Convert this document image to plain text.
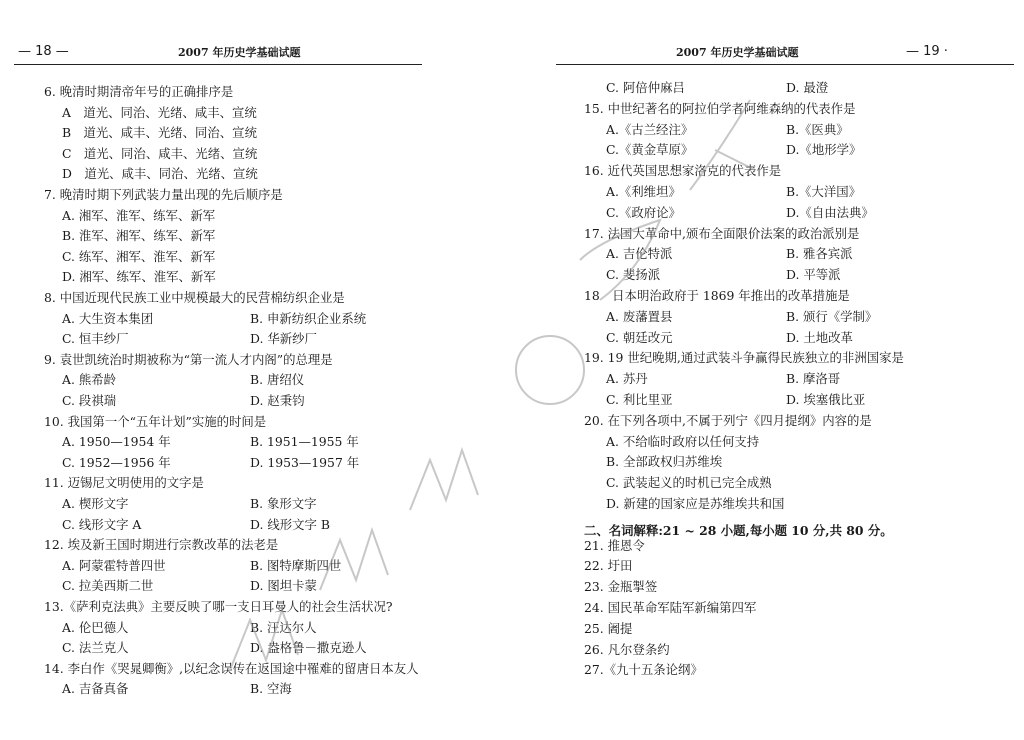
— 18 —	2007 年历史学基础试题
6. 晚清时期清帝年号的正确排序是
A　道光、同治、光绪、咸丰、宣统
B　道光、咸丰、光绪、同治、宣统
C　道光、同治、咸丰、光绪、宣统
D　道光、咸丰、同治、光绪、宣统
7. 晚清时期下列武装力量出现的先后顺序是
A. 湘军、淮军、练军、新军
B. 淮军、湘军、练军、新军
C. 练军、湘军、淮军、新军
D. 湘军、练军、淮军、新军
8. 中国近现代民族工业中规模最大的民营棉纺织企业是
A. 大生资本集团	B. 申新纺织企业系统
C. 恒丰纱厂	D. 华新纱厂
9. 袁世凯统治时期被称为“第一流人才内阁”的总理是
A. 熊希龄	B. 唐绍仪
C. 段祺瑞	D. 赵秉钧
10. 我国第一个“五年计划”实施的时间是
A. 1950—1954 年	B. 1951—1955 年
C. 1952—1956 年	D. 1953—1957 年
11. 迈锡尼文明使用的文字是
A. 楔形文字	B. 象形文字
C. 线形文字 A	D. 线形文字 B
12. 埃及新王国时期进行宗教改革的法老是
A. 阿蒙霍特普四世	B. 图特摩斯四世
C. 拉美西斯二世	D. 图坦卡蒙
13.《萨利克法典》主要反映了哪一支日耳曼人的社会生活状况?
A. 伦巴德人	B. 汪达尔人
C. 法兰克人	D. 盎格鲁－撒克逊人
14. 李白作《哭晁卿衡》,以纪念误传在返国途中罹难的留唐日本友人
A. 吉备真备	B. 空海
2007 年历史学基础试题	— 19 ·
C. 阿倍仲麻吕	D. 最澄
15. 中世纪著名的阿拉伯学者阿维森纳的代表作是
A.《古兰经注》	B.《医典》
C.《黄金草原》	D.《地形学》
16. 近代英国思想家洛克的代表作是
A.《利维坦》	B.《大洋国》
C.《政府论》	D.《自由法典》
17. 法国大革命中,颁布全面限价法案的政治派别是
A. 吉伦特派	B. 雅各宾派
C. 斐扬派	D. 平等派
18　日本明治政府于 1869 年推出的改革措施是
A. 废藩置县	B. 颁行《学制》
C. 朝廷改元	D. 土地改革
19. 19 世纪晚期,通过武装斗争赢得民族独立的非洲国家是
A. 苏丹	B. 摩洛哥
C. 利比里亚	D. 埃塞俄比亚
20. 在下列各项中,不属于列宁《四月提纲》内容的是
A. 不给临时政府以任何支持
B. 全部政权归苏维埃
C. 武装起义的时机已完全成熟
D. 新建的国家应是苏维埃共和国
二、名词解释:21 ~ 28 小题,每小题 10 分,共 80 分。
21. 推恩令
22. 圩田
23. 金瓶掣签
24. 国民革命军陆军新编第四军
25. 阇提
26. 凡尔登条约
27.《九十五条论纲》
